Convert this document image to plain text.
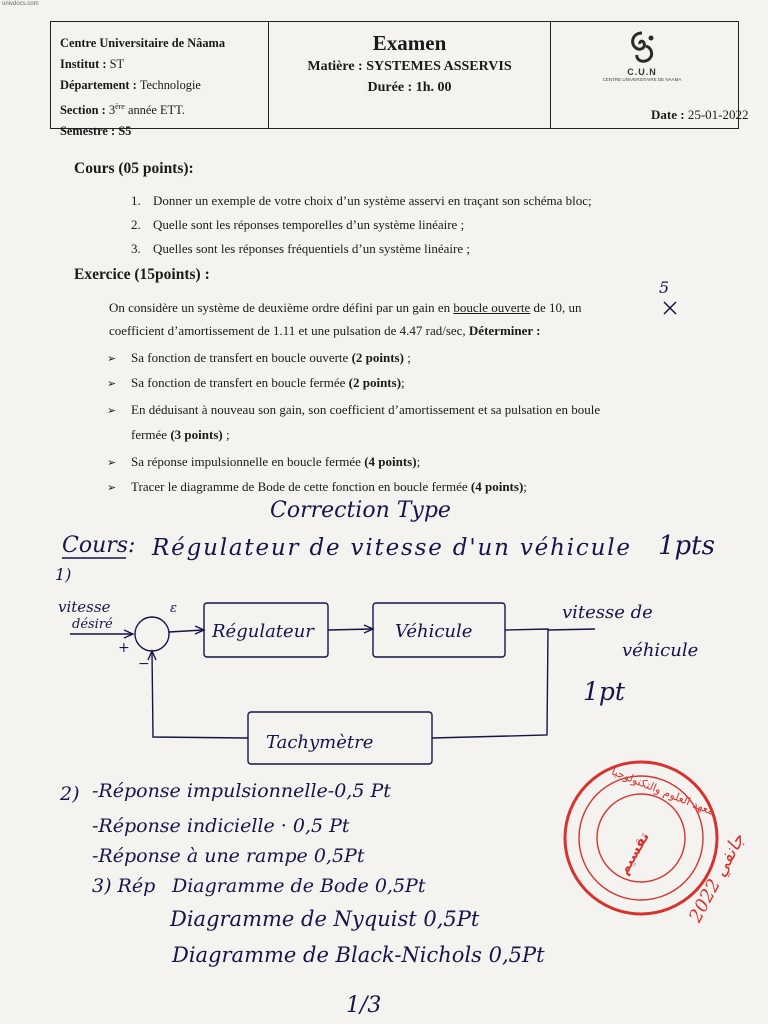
univdocs.com
Centre Universitaire de Nâama
Institut : ST
Département : Technologie
Section : 3ère année ETT.
Semestre : S5
Examen
Matière : SYSTEMES ASSERVIS
Durée : 1h. 00
C.U.N
CENTRE UNIVERSITAIRE DE NAAMA
Date : 25-01-2022
Cours (05 points):
1. Donner un exemple de votre choix d’un système asservi en traçant son schéma bloc;
2. Quelle sont les réponses temporelles d’un système linéaire ;
3. Quelles sont les réponses fréquentiels d’un système linéaire ;
Exercice (15points) :
On considère un système de deuxième ordre défini par un gain en boucle ouverte de 10, un
coefficient d’amortissement de 1.11 et une pulsation de 4.47 rad/sec, Déterminer :
➢ Sa fonction de transfert en boucle ouverte (2 points) ;
➢ Sa fonction de transfert en boucle fermée (2 points);
➢ En déduisant à nouveau son gain, son coefficient d’amortissement et sa pulsation en boule
fermée (3 points) ;
➢ Sa réponse impulsionnelle en boucle fermée (4 points);
➢ Tracer le diagramme de Bode de cette fonction en boucle fermée (4 points);
5
Correction Type
Cours: Régulateur de vitesse d'un véhicule 1pts
1)
vitesse
désiré
+
−
ε
Régulateur	Véhicule
Tachymètre
vitesse de
véhicule
1pt
2) -Réponse impulsionnelle-0,5 Pt
-Réponse indicielle · 0,5 Pt
-Réponse à une rampe 0,5Pt
3) Rép Diagramme de Bode 0,5Pt
Diagramme de Nyquist 0,5Pt
Diagramme de Black-Nichols 0,5Pt
1/3
معهد العلوم والتكنولوجيا
تقسيم
2022 جانفي
